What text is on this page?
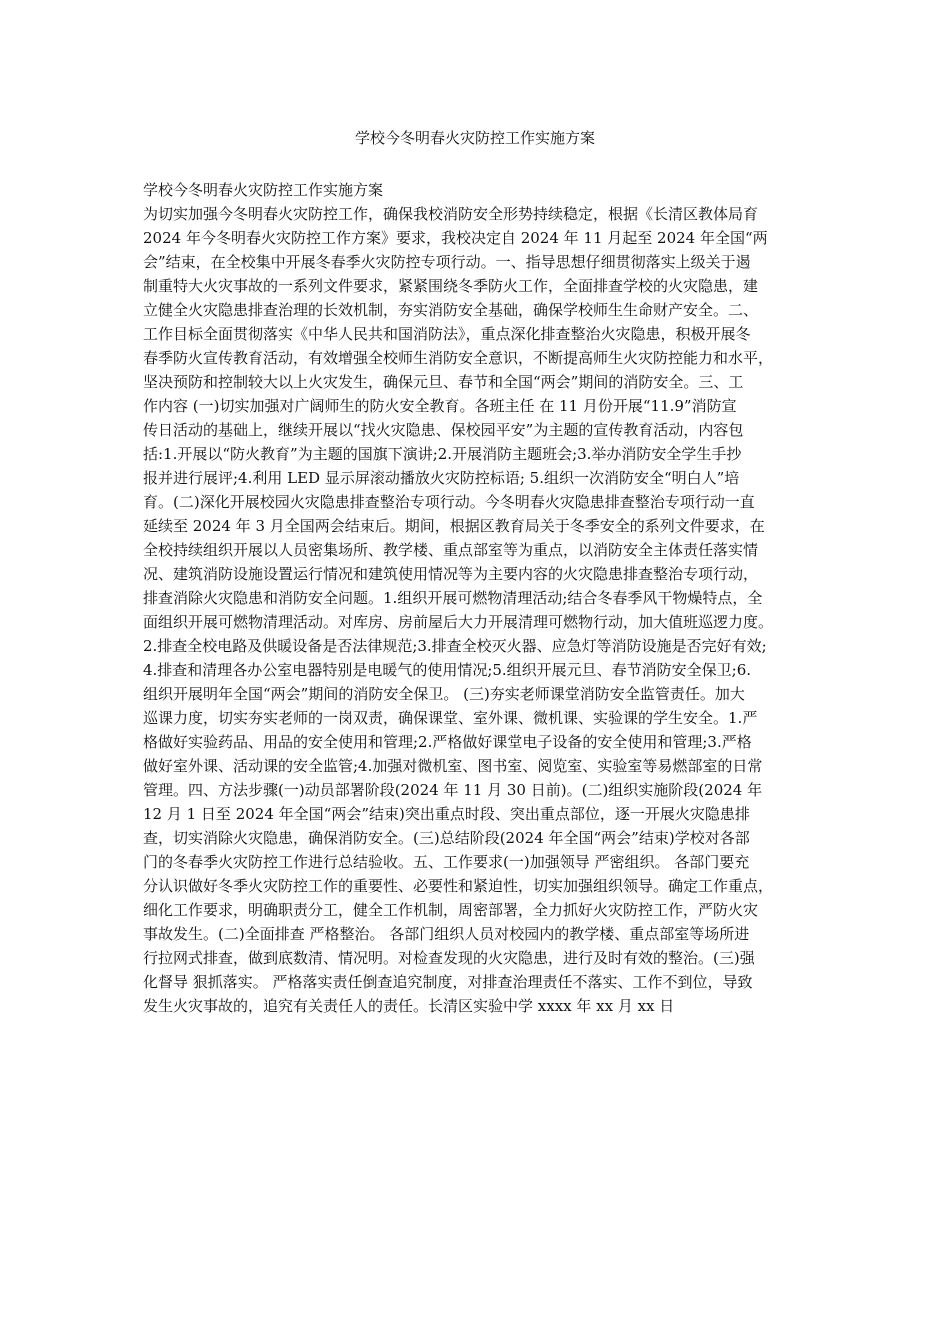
学校今冬明春火灾防控工作实施方案
学校今冬明春火灾防控工作实施方案
为切实加强今冬明春火灾防控工作，确保我校消防安全形势持续稳定，根据《长清区教体局育
2024 年今冬明春火灾防控工作方案》要求，我校决定自 2024 年 11 月起至 2024 年全国“两
会”结束，在全校集中开展冬春季火灾防控专项行动。一、指导思想仔细贯彻落实上级关于遏
制重特大火灾事故的一系列文件要求，紧紧围绕冬季防火工作，全面排查学校的火灾隐患，建
立健全火灾隐患排查治理的长效机制，夯实消防安全基础，确保学校师生生命财产安全。二、
工作目标全面贯彻落实《中华人民共和国消防法》，重点深化排查整治火灾隐患，积极开展冬
春季防火宣传教育活动，有效增强全校师生消防安全意识，不断提高师生火灾防控能力和水平，
坚决预防和控制较大以上火灾发生，确保元旦、春节和全国“两会”期间的消防安全。三、工
作内容 (一)切实加强对广阔师生的防火安全教育。各班主任 在 11 月份开展“11.9”消防宣
传日活动的基础上，继续开展以“找火灾隐患、保校园平安”为主题的宣传教育活动，内容包
括:1.开展以“防火教育”为主题的国旗下演讲;2.开展消防主题班会;3.举办消防安全学生手抄
报并进行展评;4.利用 LED 显示屏滚动播放火灾防控标语; 5.组织一次消防安全“明白人”培
育。(二)深化开展校园火灾隐患排查整治专项行动。今冬明春火灾隐患排查整治专项行动一直
延续至 2024 年 3 月全国两会结束后。期间，根据区教育局关于冬季安全的系列文件要求，在
全校持续组织开展以人员密集场所、教学楼、重点部室等为重点，以消防安全主体责任落实情
况、建筑消防设施设置运行情况和建筑使用情况等为主要内容的火灾隐患排查整治专项行动，
排查消除火灾隐患和消防安全问题。1.组织开展可燃物清理活动;结合冬春季风干物燥特点，全
面组织开展可燃物清理活动。对库房、房前屋后大力开展清理可燃物行动，加大值班巡逻力度。
2.排查全校电路及供暖设备是否法律规范;3.排查全校灭火器、应急灯等消防设施是否完好有效;
4.排查和清理各办公室电器特别是电暖气的使用情况;5.组织开展元旦、春节消防安全保卫;6.
组织开展明年全国“两会”期间的消防安全保卫。 (三)夯实老师课堂消防安全监管责任。加大
巡课力度，切实夯实老师的一岗双责，确保课堂、室外课、微机课、实验课的学生安全。1.严
格做好实验药品、用品的安全使用和管理;2.严格做好课堂电子设备的安全使用和管理;3.严格
做好室外课、活动课的安全监管;4.加强对微机室、图书室、阅览室、实验室等易燃部室的日常
管理。四、方法步骤(一)动员部署阶段(2024 年 11 月 30 日前)。(二)组织实施阶段(2024 年
12 月 1 日至 2024 年全国“两会”结束)突出重点时段、突出重点部位，逐一开展火灾隐患排
查，切实消除火灾隐患，确保消防安全。(三)总结阶段(2024 年全国“两会”结束)学校对各部
门的冬春季火灾防控工作进行总结验收。五、工作要求(一)加强领导 严密组织。 各部门要充
分认识做好冬季火灾防控工作的重要性、必要性和紧迫性，切实加强组织领导。确定工作重点，
细化工作要求，明确职责分工，健全工作机制，周密部署，全力抓好火灾防控工作，严防火灾
事故发生。(二)全面排查 严格整治。 各部门组织人员对校园内的教学楼、重点部室等场所进
行拉网式排查，做到底数清、情况明。对检查发现的火灾隐患，进行及时有效的整治。(三)强
化督导 狠抓落实。 严格落实责任倒查追究制度，对排查治理责任不落实、工作不到位，导致
发生火灾事故的，追究有关责任人的责任。长清区实验中学 xxxx 年 xx 月 xx 日
